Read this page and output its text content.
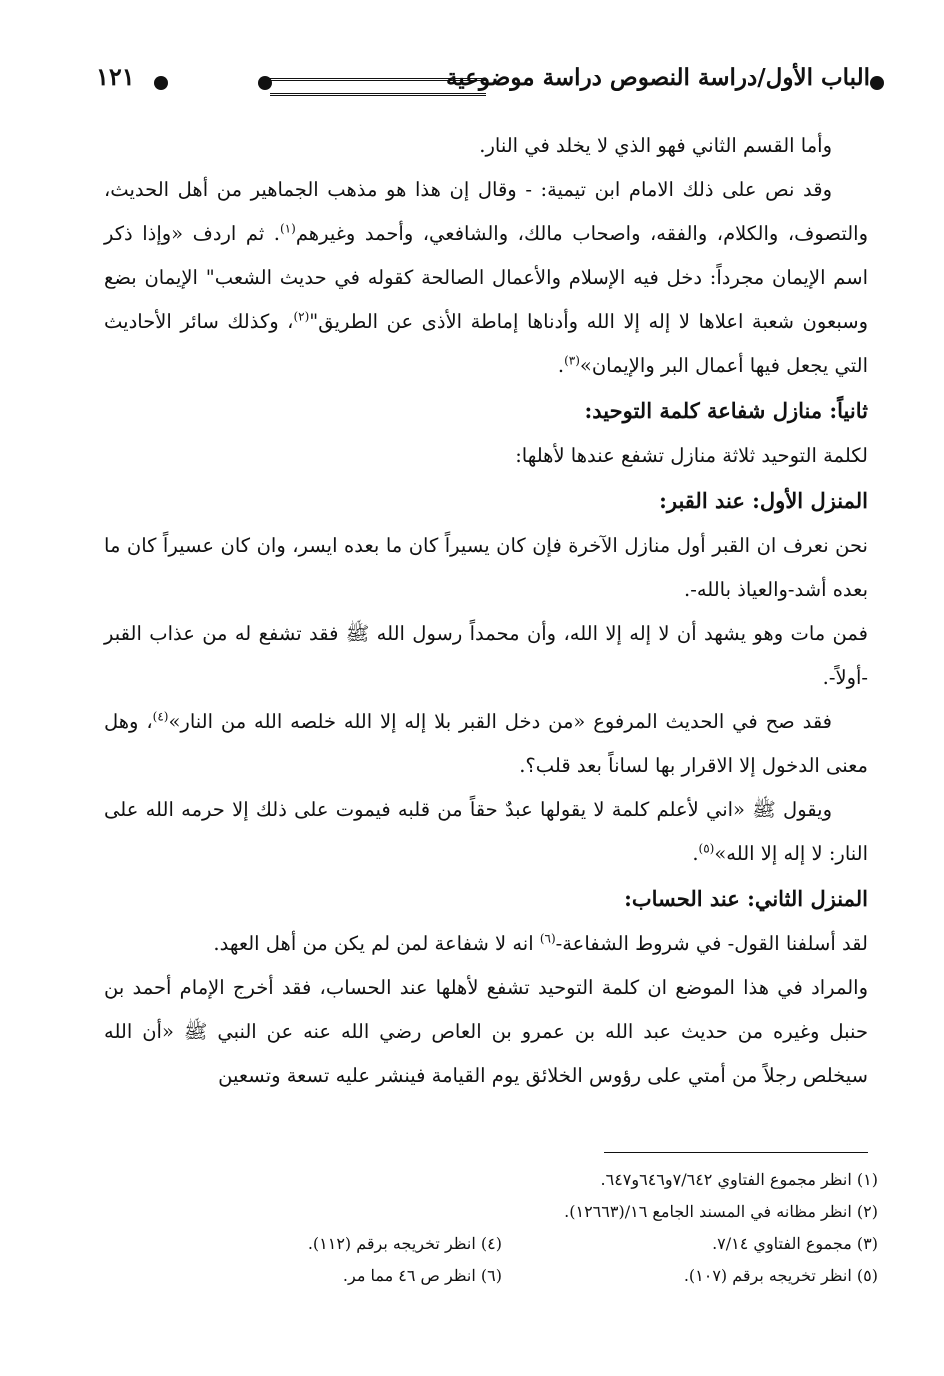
الباب الأول/دراسة النصوص دراسة موضوعية
١٢١

وأما القسم الثاني فهو الذي لا يخلد في النار.

وقد نص على ذلك الامام ابن تيمية: - وقال إن هذا هو مذهب الجماهير من أهل الحديث، والتصوف، والكلام، والفقه، واصحاب مالك، والشافعي، وأحمد وغيرهم$^{(١)}$. ثم اردف «وإذا ذكر اسم الإيمان مجرداً: دخل فيه الإسلام والأعمال الصالحة كقوله في حديث الشعب" الإيمان بضع وسبعون شعبة اعلاها لا إله إلا الله وأدناها إماطة الأذى عن الطريق"$^{(٢)}$، وكذلك سائر الأحاديث التي يجعل فيها أعمال البر والإيمان»$^{(٣)}$.

ثانياً: منازل شفاعة كلمة التوحيد:

لكلمة التوحيد ثلاثة منازل تشفع عندها لأهلها:

المنزل الأول: عند القبر:

نحن نعرف ان القبر أول منازل الآخرة فإن كان يسيراً كان ما بعده ايسر، وان كان عسيراً كان ما بعده أشد-والعياذ بالله-.

فمن مات وهو يشهد أن لا إله إلا الله، وأن محمداً رسول الله ﷺ فقد تشفع له من عذاب القبر -أولاً-.

فقد صح في الحديث المرفوع «من دخل القبر بلا إله إلا الله خلصه الله من النار»$^{(٤)}$، وهل معنى الدخول إلا الاقرار بها لساناً بعد قلب؟.

ويقول ﷺ «اني لأعلم كلمة لا يقولها عبدٌ حقاً من قلبه فيموت على ذلك إلا حرمه الله على النار: لا إله إلا الله»$^{(٥)}$.

المنزل الثاني: عند الحساب:

لقد أسلفنا القول- في شروط الشفاعة-$^{(٦)}$ انه لا شفاعة لمن لم يكن من أهل العهد.

والمراد في هذا الموضع ان كلمة التوحيد تشفع لأهلها عند الحساب، فقد أخرج الإمام أحمد بن حنبل وغيره من حديث عبد الله بن عمرو بن العاص رضي الله عنه عن النبي ﷺ «أن الله سيخلص رجلاً من أمتي على رؤوس الخلائق يوم القيامة فينشر عليه تسعة وتسعين

(١) انظر مجموع الفتاوي ٧/٦٤٢و٦٤٦و٦٤٧.
(٢) انظر مظانه في المسند الجامع ١٦/(١٢٦٦٣).
(٣) مجموع الفتاوي ٧/١٤.
(٤) انظر تخريجه برقم (١١٢).
(٥) انظر تخريجه برقم (١٠٧).
(٦) انظر ص ٤٦ مما مر.
